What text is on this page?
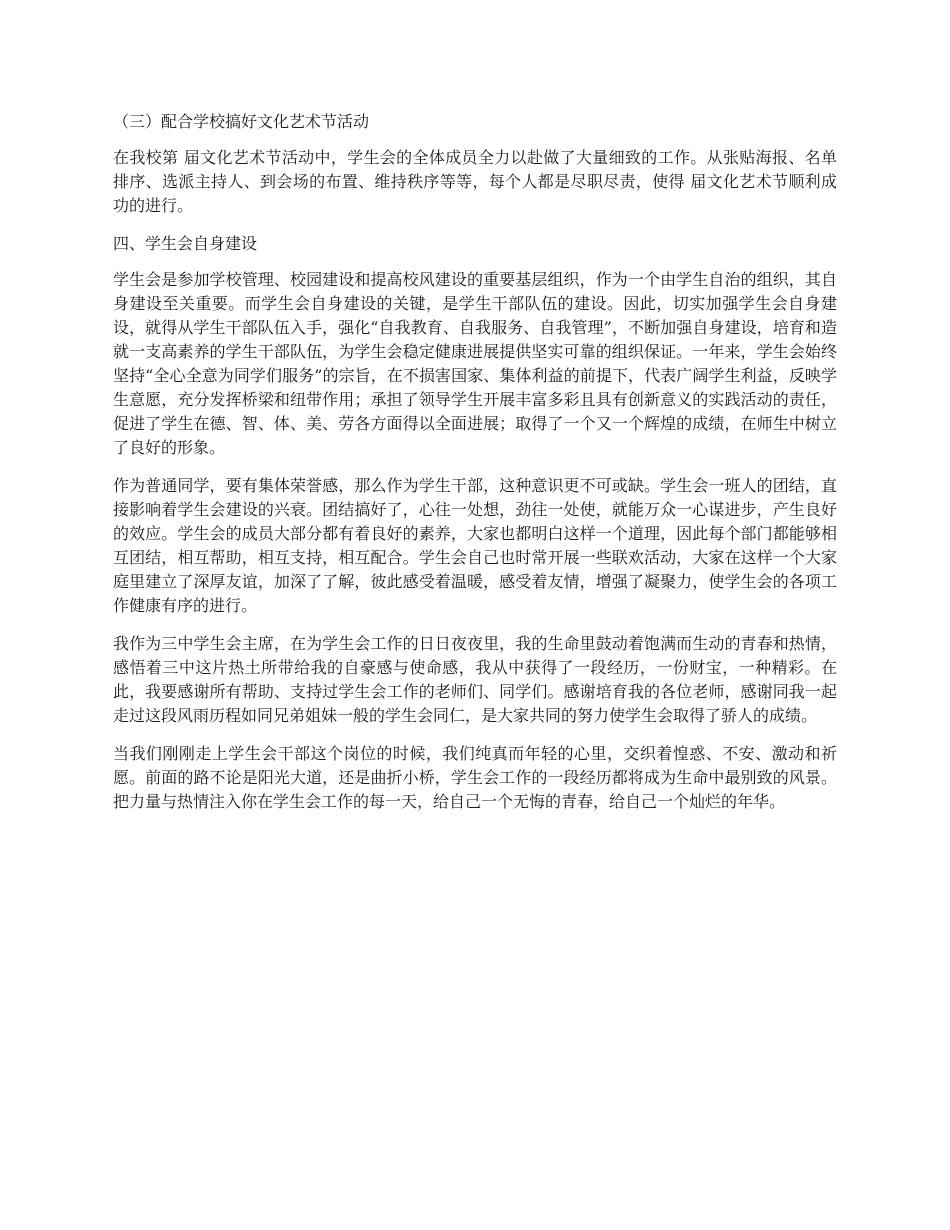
（三）配合学校搞好文化艺术节活动

在我校第 届文化艺术节活动中，学生会的全体成员全力以赴做了大量细致的工作。从张贴海报、名单排序、选派主持人、到会场的布置、维持秩序等等，每个人都是尽职尽责，使得 届文化艺术节顺利成功的进行。

四、学生会自身建设

学生会是参加学校管理、校园建设和提高校风建设的重要基层组织，作为一个由学生自治的组织，其自身建设至关重要。而学生会自身建设的关键，是学生干部队伍的建设。因此，切实加强学生会自身建设，就得从学生干部队伍入手，强化“自我教育、自我服务、自我管理”，不断加强自身建设，培育和造就一支高素养的学生干部队伍，为学生会稳定健康进展提供坚实可靠的组织保证。一年来，学生会始终坚持“全心全意为同学们服务”的宗旨，在不损害国家、集体利益的前提下，代表广阔学生利益，反映学生意愿，充分发挥桥梁和纽带作用；承担了领导学生开展丰富多彩且具有创新意义的实践活动的责任，促进了学生在德、智、体、美、劳各方面得以全面进展；取得了一个又一个辉煌的成绩，在师生中树立了良好的形象。

作为普通同学，要有集体荣誉感，那么作为学生干部，这种意识更不可或缺。学生会一班人的团结，直接影响着学生会建设的兴衰。团结搞好了，心往一处想，劲往一处使，就能万众一心谋进步，产生良好的效应。学生会的成员大部分都有着良好的素养，大家也都明白这样一个道理，因此每个部门都能够相互团结，相互帮助，相互支持，相互配合。学生会自己也时常开展一些联欢活动，大家在这样一个大家庭里建立了深厚友谊，加深了了解，彼此感受着温暖，感受着友情，增强了凝聚力，使学生会的各项工作健康有序的进行。

我作为三中学生会主席，在为学生会工作的日日夜夜里，我的生命里鼓动着饱满而生动的青春和热情，感悟着三中这片热土所带给我的自豪感与使命感，我从中获得了一段经历，一份财宝，一种精彩。在此，我要感谢所有帮助、支持过学生会工作的老师们、同学们。感谢培育我的各位老师，感谢同我一起走过这段风雨历程如同兄弟姐妹一般的学生会同仁，是大家共同的努力使学生会取得了骄人的成绩。

当我们刚刚走上学生会干部这个岗位的时候，我们纯真而年轻的心里，交织着惶惑、不安、激动和祈愿。前面的路不论是阳光大道，还是曲折小桥，学生会工作的一段经历都将成为生命中最别致的风景。把力量与热情注入你在学生会工作的每一天，给自己一个无悔的青春，给自己一个灿烂的年华。
